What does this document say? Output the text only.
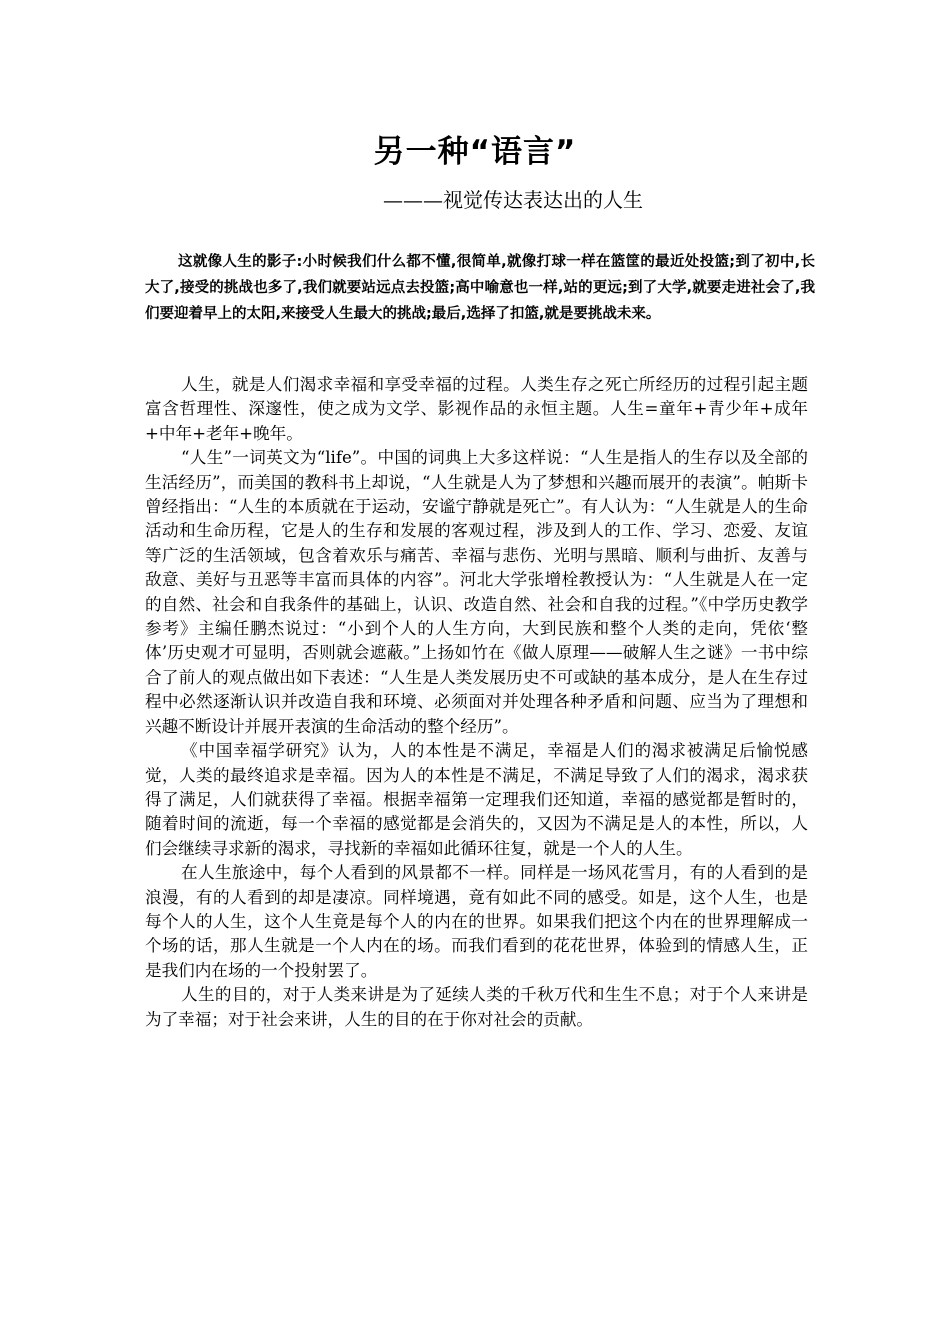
另一种“语言”
———视觉传达表达出的人生

这就像人生的影子:小时候我们什么都不懂,很简单,就像打球一样在篮筐的最近处投篮;到了初中,长大了,接受的挑战也多了,我们就要站远点去投篮;高中喻意也一样,站的更远;到了大学,就要走进社会了,我们要迎着早上的太阳,来接受人生最大的挑战;最后,选择了扣篮,就是要挑战未来。

人生，就是人们渴求幸福和享受幸福的过程。人类生存之死亡所经历的过程引起主题富含哲理性、深邃性，使之成为文学、影视作品的永恒主题。人生=童年+青少年+成年+中年+老年+晚年。

“人生”一词英文为“life”。中国的词典上大多这样说：“人生是指人的生存以及全部的生活经历”，而美国的教科书上却说，“人生就是人为了梦想和兴趣而展开的表演”。帕斯卡曾经指出：“人生的本质就在于运动，安谧宁静就是死亡”。有人认为：“人生就是人的生命活动和生命历程，它是人的生存和发展的客观过程，涉及到人的工作、学习、恋爱、友谊等广泛的生活领域，包含着欢乐与痛苦、幸福与悲伤、光明与黑暗、顺利与曲折、友善与敌意、美好与丑恶等丰富而具体的内容”。河北大学张增栓教授认为：“人生就是人在一定的自然、社会和自我条件的基础上，认识、改造自然、社会和自我的过程。”《中学历史教学参考》主编任鹏杰说过：“小到个人的人生方向，大到民族和整个人类的走向，凭依‘整体’历史观才可显明，否则就会遮蔽。”上扬如竹在《做人原理——破解人生之谜》一书中综合了前人的观点做出如下表述：“人生是人类发展历史不可或缺的基本成分，是人在生存过程中必然逐渐认识并改造自我和环境、必须面对并处理各种矛盾和问题、应当为了理想和兴趣不断设计并展开表演的生命活动的整个经历”。

《中国幸福学研究》认为，人的本性是不满足，幸福是人们的渴求被满足后愉悦感觉，人类的最终追求是幸福。因为人的本性是不满足，不满足导致了人们的渴求，渴求获得了满足，人们就获得了幸福。根据幸福第一定理我们还知道，幸福的感觉都是暂时的，随着时间的流逝，每一个幸福的感觉都是会消失的，又因为不满足是人的本性，所以，人们会继续寻求新的渴求，寻找新的幸福如此循环往复，就是一个人的人生。

在人生旅途中，每个人看到的风景都不一样。同样是一场风花雪月，有的人看到的是浪漫，有的人看到的却是凄凉。同样境遇，竟有如此不同的感受。如是，这个人生，也是每个人的人生，这个人生竟是每个人的内在的世界。如果我们把这个内在的世界理解成一个场的话，那人生就是一个人内在的场。而我们看到的花花世界，体验到的情感人生，正是我们内在场的一个投射罢了。

人生的目的，对于人类来讲是为了延续人类的千秋万代和生生不息；对于个人来讲是为了幸福；对于社会来讲，人生的目的在于你对社会的贡献。
